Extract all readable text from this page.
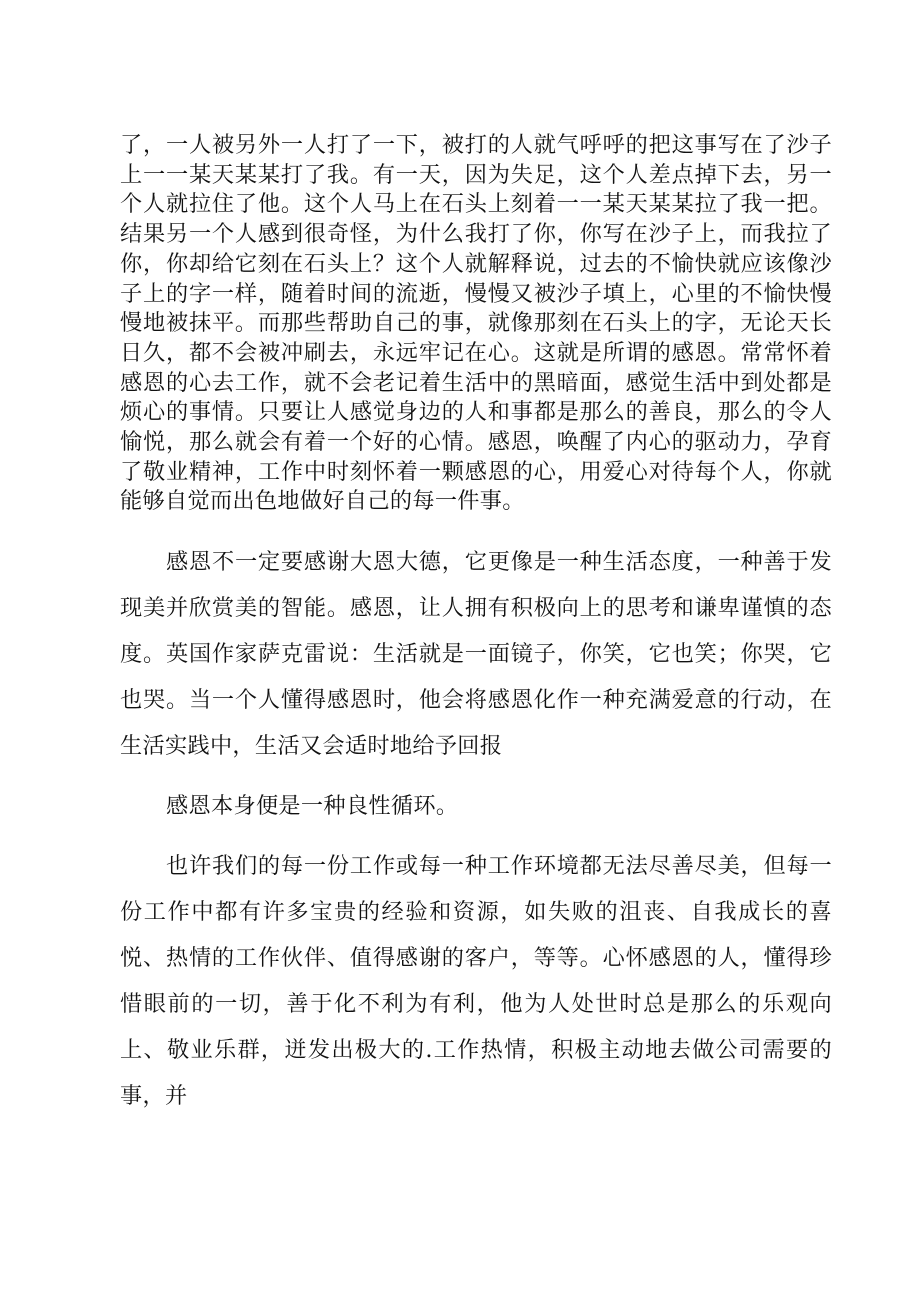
了，一人被另外一人打了一下，被打的人就气呼呼的把这事写在了沙子上一一某天某某打了我。有一天，因为失足，这个人差点掉下去，另一个人就拉住了他。这个人马上在石头上刻着一一某天某某拉了我一把。结果另一个人感到很奇怪，为什么我打了你，你写在沙子上，而我拉了你，你却给它刻在石头上？这个人就解释说，过去的不愉快就应该像沙子上的字一样，随着时间的流逝，慢慢又被沙子填上，心里的不愉快慢慢地被抹平。而那些帮助自己的事，就像那刻在石头上的字，无论天长日久，都不会被冲刷去，永远牢记在心。这就是所谓的感恩。常常怀着感恩的心去工作，就不会老记着生活中的黑暗面，感觉生活中到处都是烦心的事情。只要让人感觉身边的人和事都是那么的善良，那么的令人愉悦，那么就会有着一个好的心情。感恩，唤醒了内心的驱动力，孕育了敬业精神，工作中时刻怀着一颗感恩的心，用爱心对待每个人，你就能够自觉而出色地做好自己的每一件事。

感恩不一定要感谢大恩大德，它更像是一种生活态度，一种善于发现美并欣赏美的智能。感恩，让人拥有积极向上的思考和谦卑谨慎的态度。英国作家萨克雷说：生活就是一面镜子，你笑，它也笑；你哭，它也哭。当一个人懂得感恩时，他会将感恩化作一种充满爱意的行动，在生活实践中，生活又会适时地给予回报

感恩本身便是一种良性循环。

也许我们的每一份工作或每一种工作环境都无法尽善尽美，但每一份工作中都有许多宝贵的经验和资源，如失败的沮丧、自我成长的喜悦、热情的工作伙伴、值得感谢的客户，等等。心怀感恩的人，懂得珍惜眼前的一切，善于化不利为有利，他为人处世时总是那么的乐观向上、敬业乐群，迸发出极大的.工作热情，积极主动地去做公司需要的事，并
